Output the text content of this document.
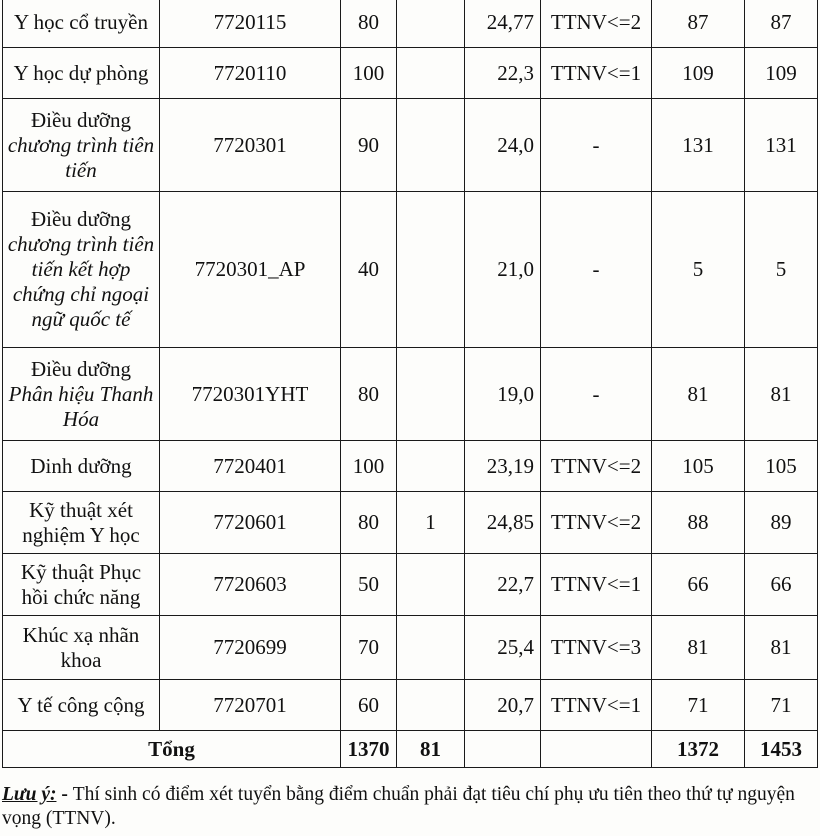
Y học cổ truyền	7720115	80		24,77	TTNV<=2	87	87
Y học dự phòng	7720110	100		22,3	TTNV<=1	109	109

Điều dưỡng
chương trình tiên
tiến	7720301	90		24,0	-	131	131

Điều dưỡng
chương trình tiên
tiến kết hợp
chứng chỉ ngoại
ngữ quốc tế	7720301_AP	40		21,0	-	5	5

Điều dưỡng
Phân hiệu Thanh
Hóa	7720301YHT	80		19,0	-	81	81
Dinh dưỡng	7720401	100		23,19	TTNV<=2	105	105

Kỹ thuật xét
nghiệm Y học	7720601	80	1	24,85	TTNV<=2	88	89

Kỹ thuật Phục
hồi chức năng	7720603	50		22,7	TTNV<=1	66	66

Khúc xạ nhãn
khoa	7720699	70		25,4	TTNV<=3	81	81
Y tế công cộng	7720701	60		20,7	TTNV<=1	71	71
Tổng		1370	81			1372	1453
Lưu ý: - Thí sinh có điểm xét tuyển bằng điểm chuẩn phải đạt tiêu chí phụ ưu tiên theo thứ tự nguyện vọng (TTNV).
